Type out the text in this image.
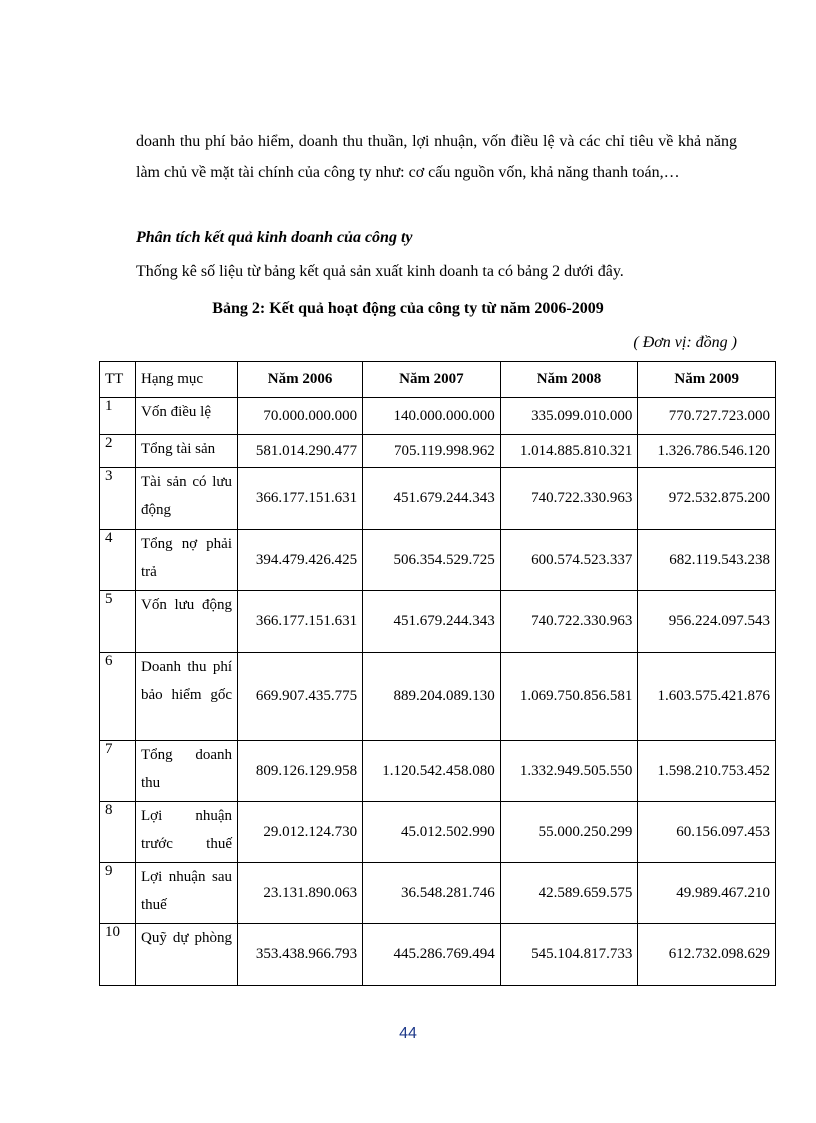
doanh thu phí bảo hiểm, doanh thu thuần, lợi nhuận, vốn điều lệ và các chỉ tiêu về khả năng làm chủ về mặt tài chính của công ty như: cơ cấu nguồn vốn, khả năng thanh toán,…

Phân tích kết quả kinh doanh của công ty

Thống kê số liệu từ bảng kết quả sản xuất kinh doanh ta có bảng 2 dưới đây.

Bảng 2: Kết quả hoạt động của công ty từ năm 2006-2009

( Đơn vị: đồng )

TT	Hạng mục	Năm 2006	Năm 2007	Năm 2008	Năm 2009
1	Vốn điều lệ	70.000.000.000	140.000.000.000	335.099.010.000	770.727.723.000
2	Tổng tài sản	581.014.290.477	705.119.998.962	1.014.885.810.321	1.326.786.546.120
3	Tài sản có lưu động	366.177.151.631	451.679.244.343	740.722.330.963	972.532.875.200
4	Tổng nợ phải trả	394.479.426.425	506.354.529.725	600.574.523.337	682.119.543.238
5	Vốn lưu động	366.177.151.631	451.679.244.343	740.722.330.963	956.224.097.543
6	Doanh thu phí bảo hiểm gốc	669.907.435.775	889.204.089.130	1.069.750.856.581	1.603.575.421.876
7	Tổng doanh thu	809.126.129.958	1.120.542.458.080	1.332.949.505.550	1.598.210.753.452
8	Lợi nhuận trước thuế	29.012.124.730	45.012.502.990	55.000.250.299	60.156.097.453
9	Lợi nhuận sau thuế	23.131.890.063	36.548.281.746	42.589.659.575	49.989.467.210
10	Quỹ dự phòng	353.438.966.793	445.286.769.494	545.104.817.733	612.732.098.629

44
